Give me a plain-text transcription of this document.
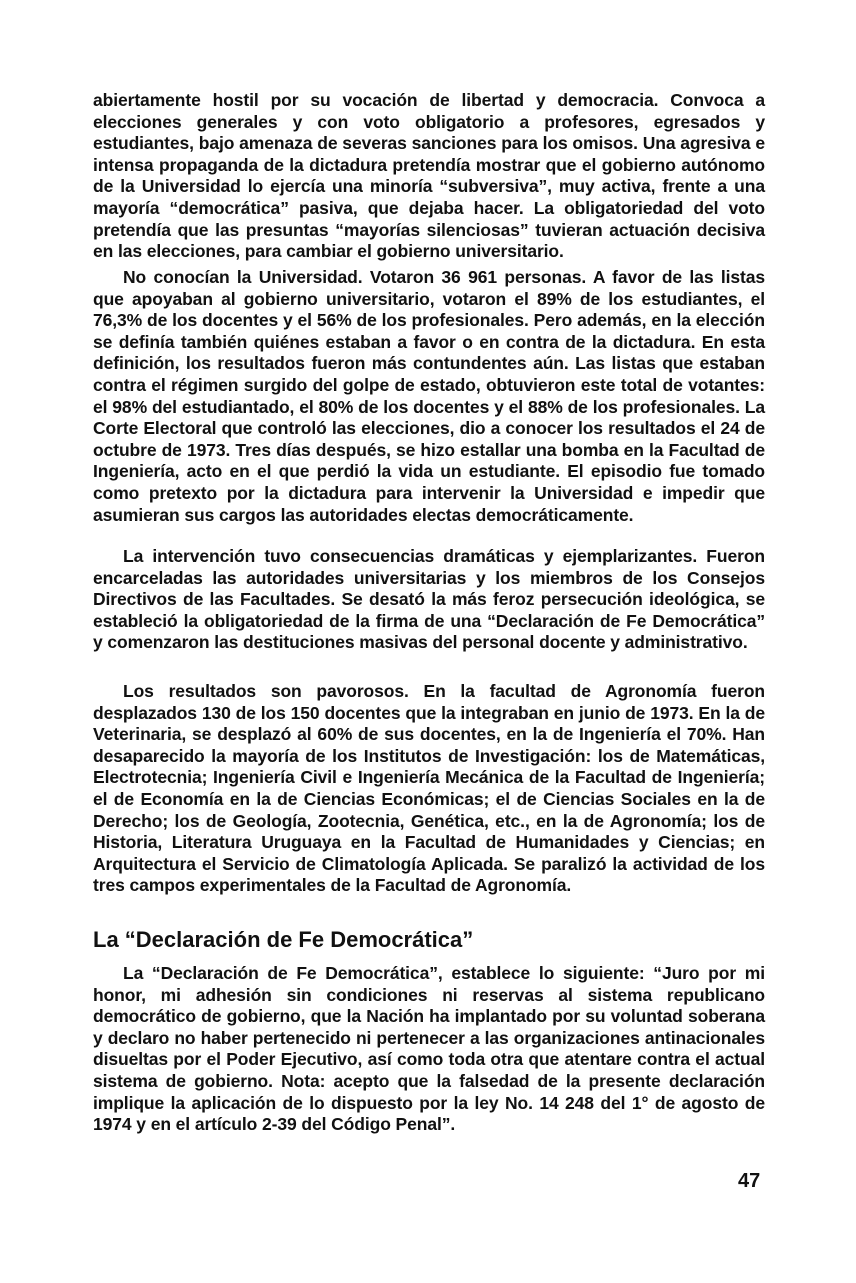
abiertamente hostil por su vocación de libertad y democracia. Convoca a elecciones generales y con voto obligatorio a profesores, egresados y estudiantes, bajo amenaza de severas sanciones para los omisos. Una agresiva e intensa propaganda de la dictadura pretendía mostrar que el gobierno autónomo de la Universidad lo ejercía una minoría “subversiva”, muy activa, frente a una mayoría “democrática” pasiva, que dejaba hacer. La obligatoriedad del voto pretendía que las presuntas “mayorías silenciosas” tuvieran actuación decisiva en las elecciones, para cambiar el gobierno universitario.

No conocían la Universidad. Votaron 36 961 personas. A favor de las listas que apoyaban al gobierno universitario, votaron el 89% de los estudiantes, el 76,3% de los docentes y el 56% de los profesionales. Pero además, en la elección se definía también quiénes estaban a favor o en contra de la dictadura. En esta definición, los resultados fueron más contundentes aún. Las listas que estaban contra el régimen surgido del golpe de estado, obtuvieron este total de votantes: el 98% del estudiantado, el 80% de los docentes y el 88% de los profesionales. La Corte Electoral que controló las elecciones, dio a conocer los resultados el 24 de octubre de 1973. Tres días después, se hizo estallar una bomba en la Facultad de Ingeniería, acto en el que perdió la vida un estudiante. El episodio fue tomado como pretexto por la dictadura para intervenir la Universidad e impedir que asumieran sus cargos las autoridades electas democráticamente.

La intervención tuvo consecuencias dramáticas y ejemplarizantes. Fueron encarceladas las autoridades universitarias y los miembros de los Consejos Directivos de las Facultades. Se desató la más feroz persecución ideológica, se estableció la obligatoriedad de la firma de una “Declaración de Fe Democrática” y comenzaron las destituciones masivas del personal docente y administrativo.

Los resultados son pavorosos. En la facultad de Agronomía fueron desplazados 130 de los 150 docentes que la integraban en junio de 1973. En la de Veterinaria, se desplazó al 60% de sus docentes, en la de Ingeniería el 70%. Han desaparecido la mayoría de los Institutos de Investigación: los de Matemáticas, Electrotecnia; Ingeniería Civil e Ingeniería Mecánica de la Facultad de Ingeniería; el de Economía en la de Ciencias Económicas; el de Ciencias Sociales en la de Derecho; los de Geología, Zootecnia, Genética, etc., en la de Agronomía; los de Historia, Literatura Uruguaya en la Facultad de Humanidades y Ciencias; en Arquitectura el Servicio de Climatología Aplicada. Se paralizó la actividad de los tres campos experimentales de la Facultad de Agronomía.

La “Declaración de Fe Democrática”

La “Declaración de Fe Democrática”, establece lo siguiente: “Juro por mi honor, mi adhesión sin condiciones ni reservas al sistema republicano democrático de gobierno, que la Nación ha implantado por su voluntad soberana y declaro no haber pertenecido ni pertenecer a las organizaciones antinacionales disueltas por el Poder Ejecutivo, así como toda otra que atentare contra el actual sistema de gobierno. Nota: acepto que la falsedad de la presente declaración implique la aplicación de lo dispuesto por la ley No. 14 248 del 1° de agosto de 1974 y en el artículo 2-39 del Código Penal”.

47
